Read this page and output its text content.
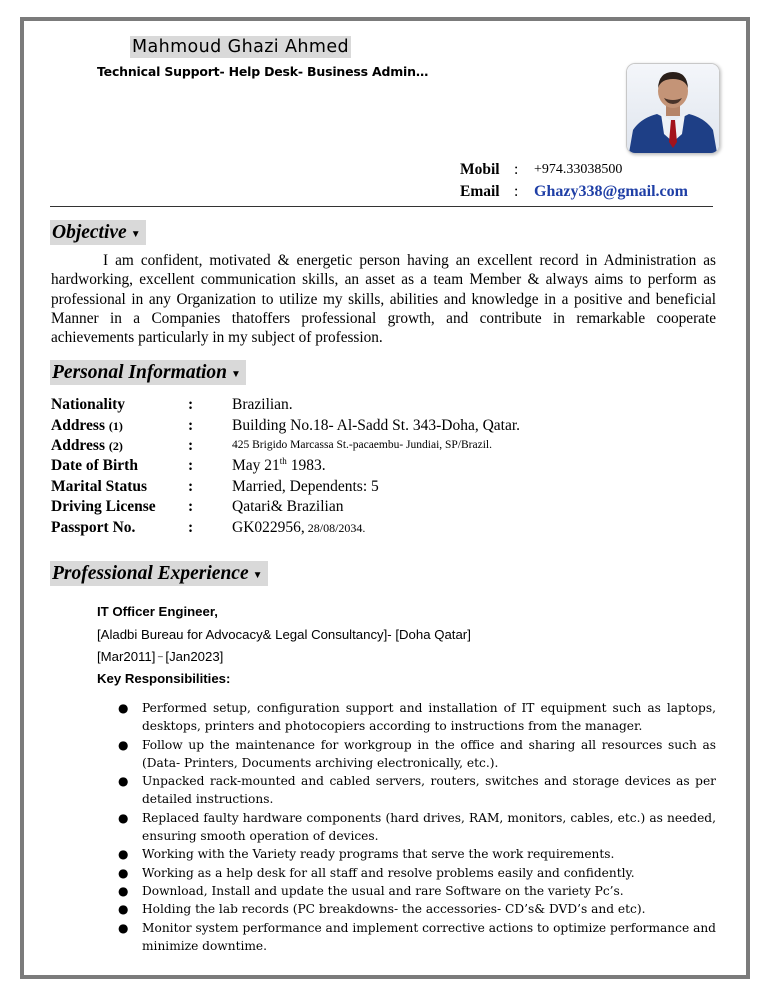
Mahmoud Ghazi Ahmed
Technical Support- Help Desk- Business Admin…
Mobil : +974.33038500
Email : Ghazy338@gmail.com
Objective ▼

I am confident, motivated & energetic person having an excellent record in Administration as hardworking, excellent communication skills, an asset as a team Member & always aims to perform as professional in any Organization to utilize my skills, abilities and knowledge in a positive and beneficial Manner in a Companies thatoffers professional growth, and contribute in remarkable cooperate achievements particularly in my subject of profession.

Personal Information ▼
Nationality	:	Brazilian.
Address (1)	:	Building No.18- Al-Sadd St. 343-Doha, Qatar.
Address (2)	:	425 Brigido Marcassa St.-pacaembu- Jundiai, SP/Brazil.
Date of Birth	:	May 21th 1983.
Marital Status	:	Married, Dependents: 5
Driving License :	Qatari& Brazilian
Passport No.	:	GK022956, 28/08/2034.
Professional Experience ▼
IT Officer Engineer,
[Aladbi Bureau for Advocacy& Legal Consultancy]- [Doha Qatar]
[Mar2011] – [Jan2023]
Key Responsibilities:
● Performed setup, configuration support and installation of IT equipment such as laptops, desktops, printers and photocopiers according to instructions from the manager.
● Follow up the maintenance for workgroup in the office and sharing all resources such as (Data- Printers, Documents archiving electronically, etc.).
● Unpacked rack-mounted and cabled servers, routers, switches and storage devices as per detailed instructions.
● Replaced faulty hardware components (hard drives, RAM, monitors, cables, etc.) as needed, ensuring smooth operation of devices.
● Working with the Variety ready programs that serve the work requirements.
● Working as a help desk for all staff and resolve problems easily and confidently.
● Download, Install and update the usual and rare Software on the variety Pc’s.
● Holding the lab records (PC breakdowns- the accessories- CD’s& DVD’s and etc).
● Monitor system performance and implement corrective actions to optimize performance and minimize downtime.
